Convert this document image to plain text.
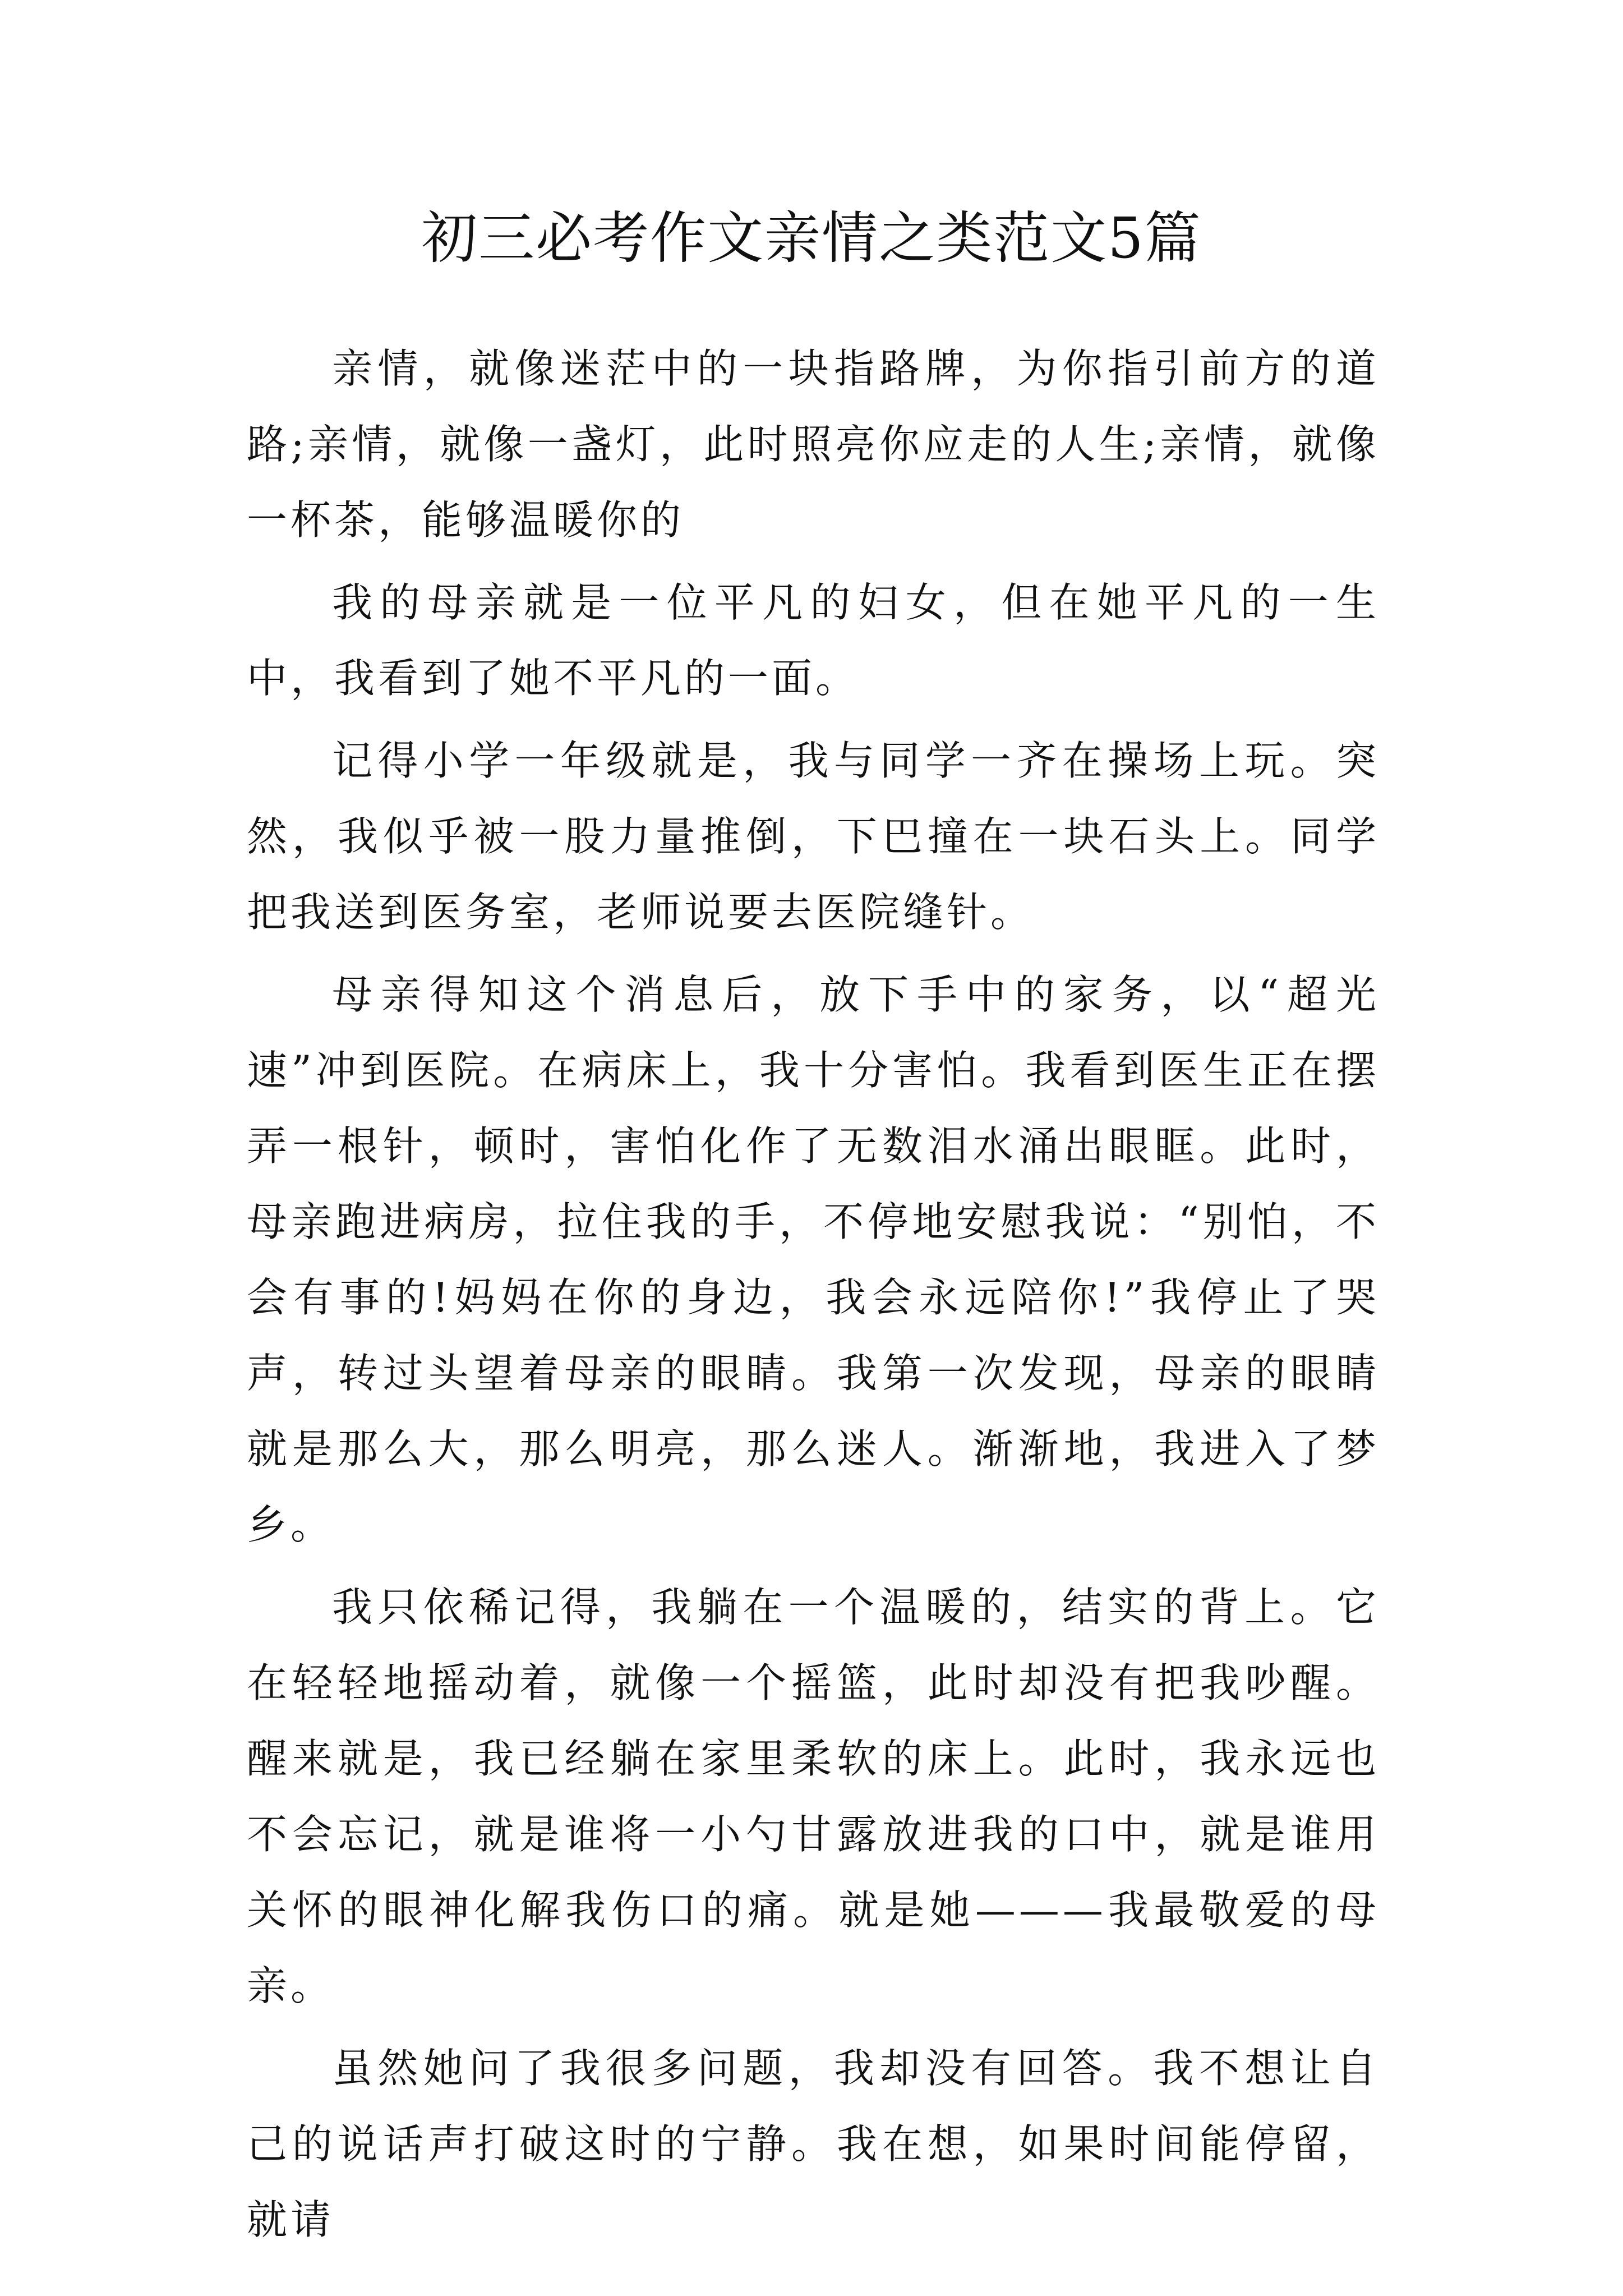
初三必考作文亲情之类范文5篇

亲情，就像迷茫中的一块指路牌，为你指引前方的道路;亲情，就像一盏灯，此时照亮你应走的人生;亲情，就像一杯茶，能够温暖你的

我的母亲就是一位平凡的妇女，但在她平凡的一生中，我看到了她不平凡的一面。

记得小学一年级就是，我与同学一齐在操场上玩。突然，我似乎被一股力量推倒，下巴撞在一块石头上。同学把我送到医务室，老师说要去医院缝针。

母亲得知这个消息后，放下手中的家务，以“超光速”冲到医院。在病床上，我十分害怕。我看到医生正在摆弄一根针，顿时，害怕化作了无数泪水涌出眼眶。此时，母亲跑进病房，拉住我的手，不停地安慰我说：“别怕，不会有事的!妈妈在你的身边，我会永远陪你!”我停止了哭声，转过头望着母亲的眼睛。我第一次发现，母亲的眼睛就是那么大，那么明亮，那么迷人。渐渐地，我进入了梦乡。

我只依稀记得，我躺在一个温暖的，结实的背上。它在轻轻地摇动着，就像一个摇篮，此时却没有把我吵醒。醒来就是，我已经躺在家里柔软的床上。此时，我永远也不会忘记，就是谁将一小勺甘露放进我的口中，就是谁用关怀的眼神化解我伤口的痛。就是她———我最敬爱的母亲。

虽然她问了我很多问题，我却没有回答。我不想让自己的说话声打破这时的宁静。我在想，如果时间能停留，就请
